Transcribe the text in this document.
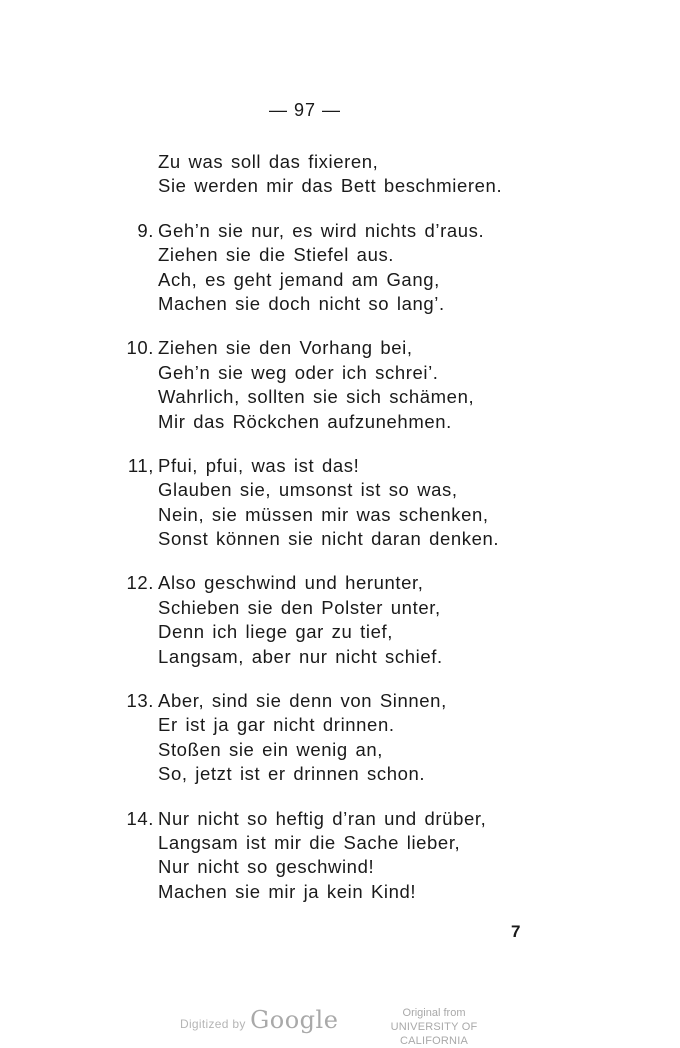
— 97 —
Zu was soll das fixieren,
Sie werden mir das Bett beschmieren.
9. Geh’n sie nur, es wird nichts d’raus.
Ziehen sie die Stiefel aus.
Ach, es geht jemand am Gang,
Machen sie doch nicht so lang’.
10. Ziehen sie den Vorhang bei,
Geh’n sie weg oder ich schrei’.
Wahrlich, sollten sie sich schämen,
Mir das Röckchen aufzunehmen.
11, Pfui, pfui, was ist das!
Glauben sie, umsonst ist so was,
Nein, sie müssen mir was schenken,
Sonst können sie nicht daran denken.
12. Also geschwind und herunter,
Schieben sie den Polster unter,
Denn ich liege gar zu tief,
Langsam, aber nur nicht schief.
13. Aber, sind sie denn von Sinnen,
Er ist ja gar nicht drinnen.
Stoßen sie ein wenig an,
So, jetzt ist er drinnen schon.
14. Nur nicht so heftig d’ran und drüber,
Langsam ist mir die Sache lieber,
Nur nicht so geschwind!
Machen sie mir ja kein Kind!
7
Digitized by Google	Original from
UNIVERSITY OF CALIFORNIA
